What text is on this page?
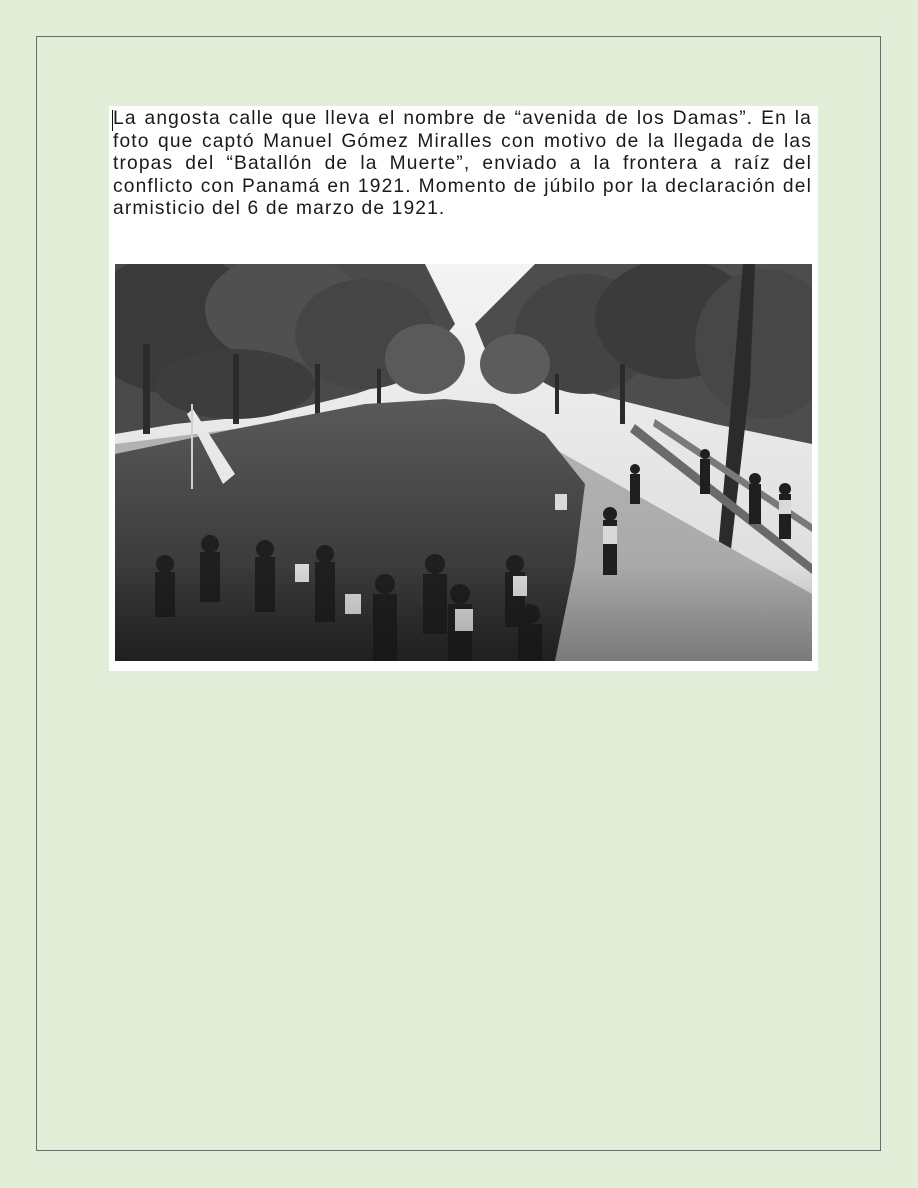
La angosta calle que lleva el nombre de “avenida de los Damas”. En la foto que captó Manuel Gómez Miralles con motivo de la llegada de las tropas del “Batallón de la Muerte”, enviado a la frontera a raíz del conflicto con Panamá en 1921. Momento de júbilo por la declaración del armisticio del 6 de marzo de 1921.
